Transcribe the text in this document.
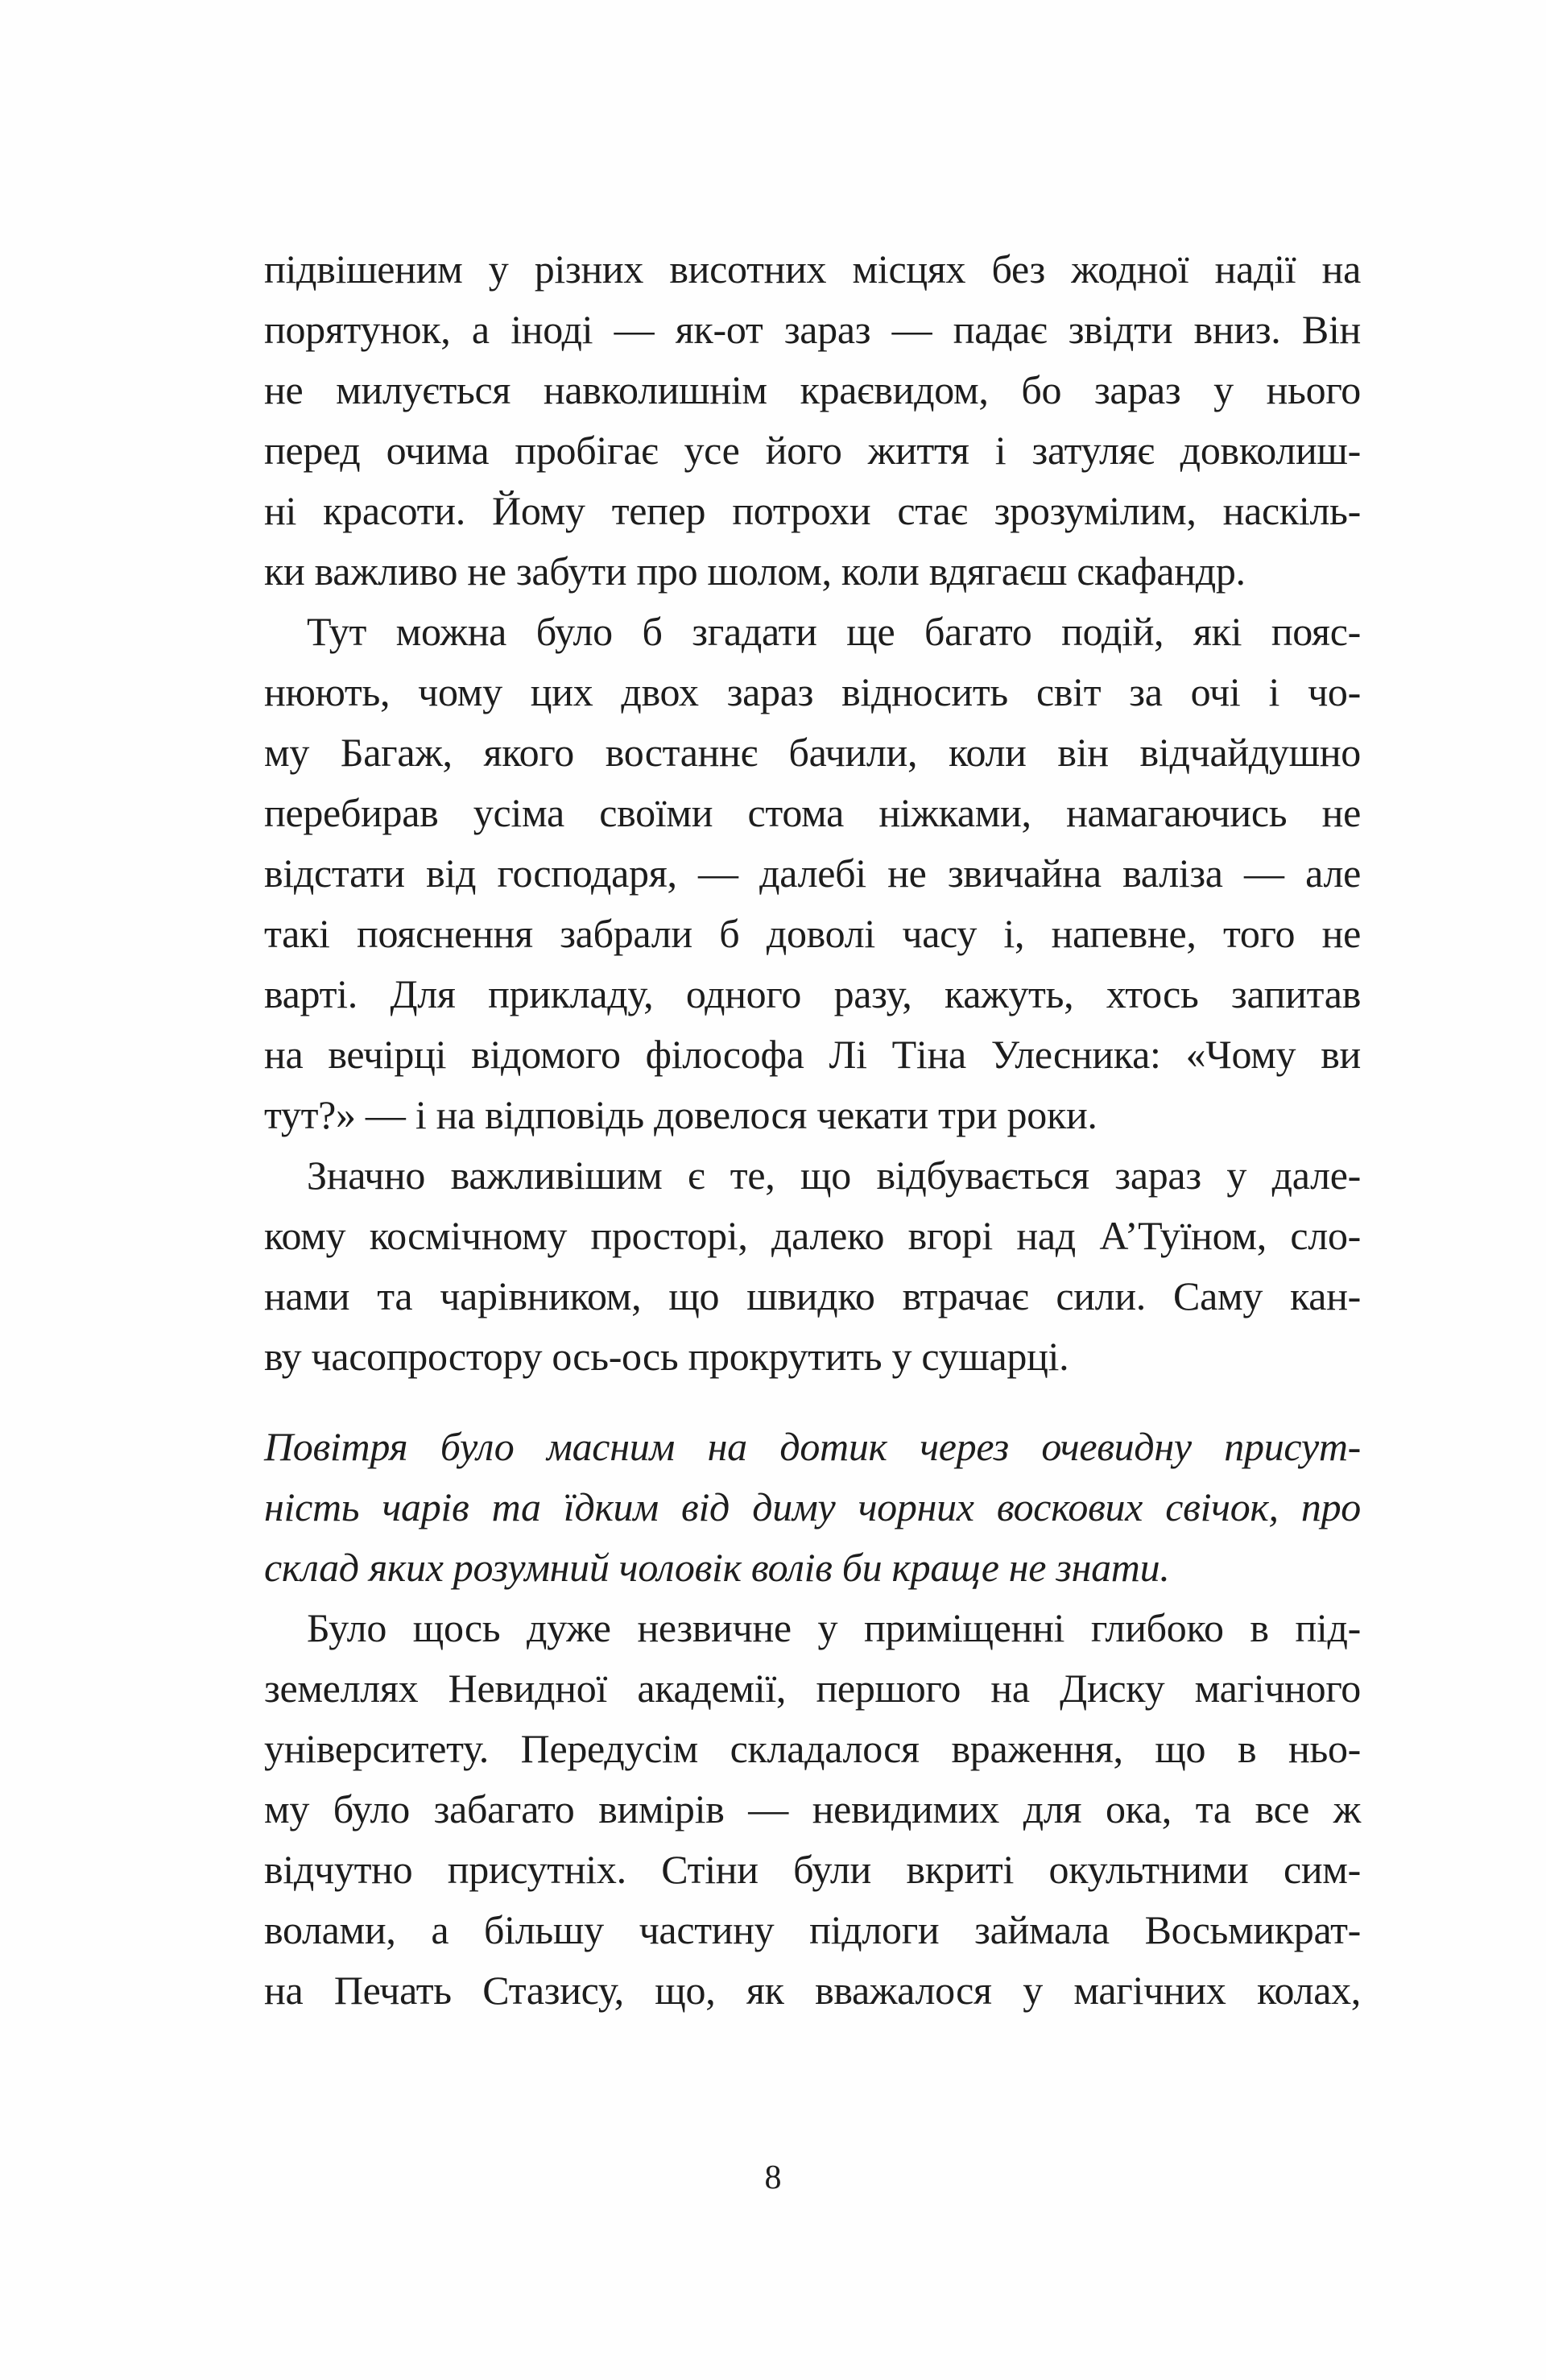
8
підвішеним у різних висотних місцях без жодної надії на
порятунок, а іноді — як-от зараз — падає звідти вниз. Він
не милується навколишнім краєвидом, бо зараз у нього
перед очима пробігає усе його життя і затуляє довколиш-
ні красоти. Йому тепер потрохи стає зрозумілим, наскіль-
ки важливо не забути про шолом, коли вдягаєш скафандр.
Тут можна було б згадати ще багато подій, які пояс-
нюють, чому цих двох зараз відносить світ за очі і чо-
му Багаж, якого востаннє бачили, коли він відчайдушно
перебирав усіма своїми стома ніжками, намагаючись не
відстати від господаря, — далебі не звичайна валіза — але
такі пояснення забрали б доволі часу і, напевне, того не
варті. Для прикладу, одного разу, кажуть, хтось запитав
на вечірці відомого філософа Лі Тіна Улесника: «Чому ви
тут?» — і на відповідь довелося чекати три роки.
Значно важливішим є те, що відбувається зараз у дале-
кому космічному просторі, далеко вгорі над А’Туїном, сло-
нами та чарівником, що швидко втрачає сили. Саму кан-
ву часопростору ось-ось прокрутить у сушарці.
Повітря було масним на дотик через очевидну присут-
ність чарів та їдким від диму чорних воскових свічок, про
склад яких розумний чоловік волів би краще не знати.
Було щось дуже незвичне у приміщенні глибоко в під-
земеллях Невидної академії, першого на Диску магічного
університету. Передусім складалося враження, що в ньо-
му було забагато вимірів — невидимих для ока, та все ж
відчутно присутніх. Стіни були вкриті окультними сим-
волами, а більшу частину підлоги займала Восьмикрат-
на Печать Стазису, що, як вважалося у магічних колах,
